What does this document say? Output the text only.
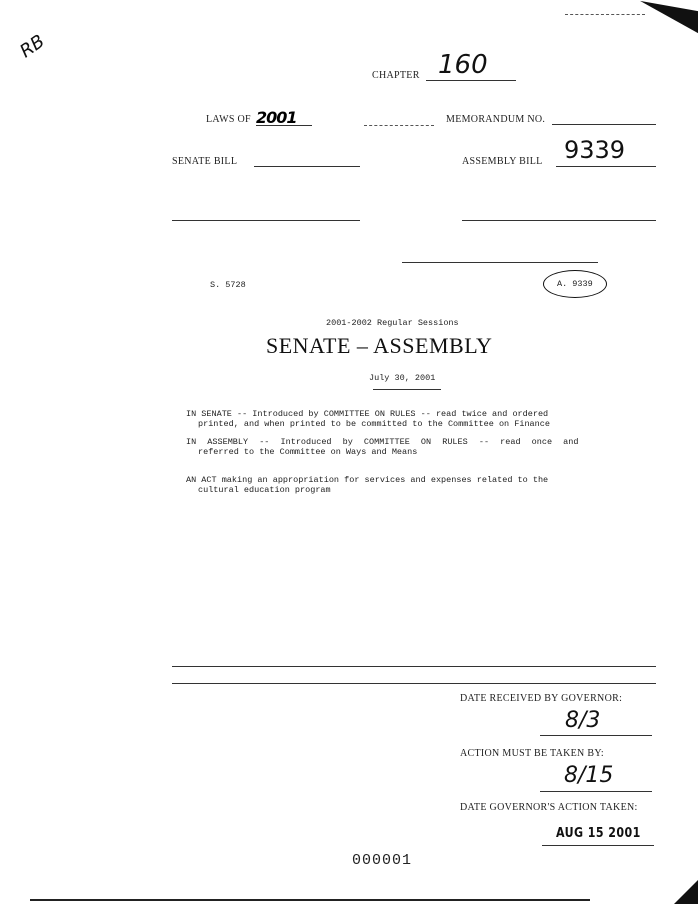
RB
CHAPTER 160
LAWS OF 2001	MEMORANDUM NO.
SENATE BILL	ASSEMBLY BILL 9339
S. 5728	A. 9339
2001-2002 Regular Sessions
SENATE – ASSEMBLY
July 30, 2001
IN SENATE -- Introduced by COMMITTEE ON RULES -- read twice and ordered
printed, and when printed to be committed to the Committee on Finance
IN ASSEMBLY -- Introduced by COMMITTEE ON RULES -- read once and
referred to the Committee on Ways and Means
AN ACT making an appropriation for services and expenses related to the
cultural education program
DATE RECEIVED BY GOVERNOR:
8/3
ACTION MUST BE TAKEN BY:
8/15
DATE GOVERNOR'S ACTION TAKEN:
AUG 15 2001
000001
